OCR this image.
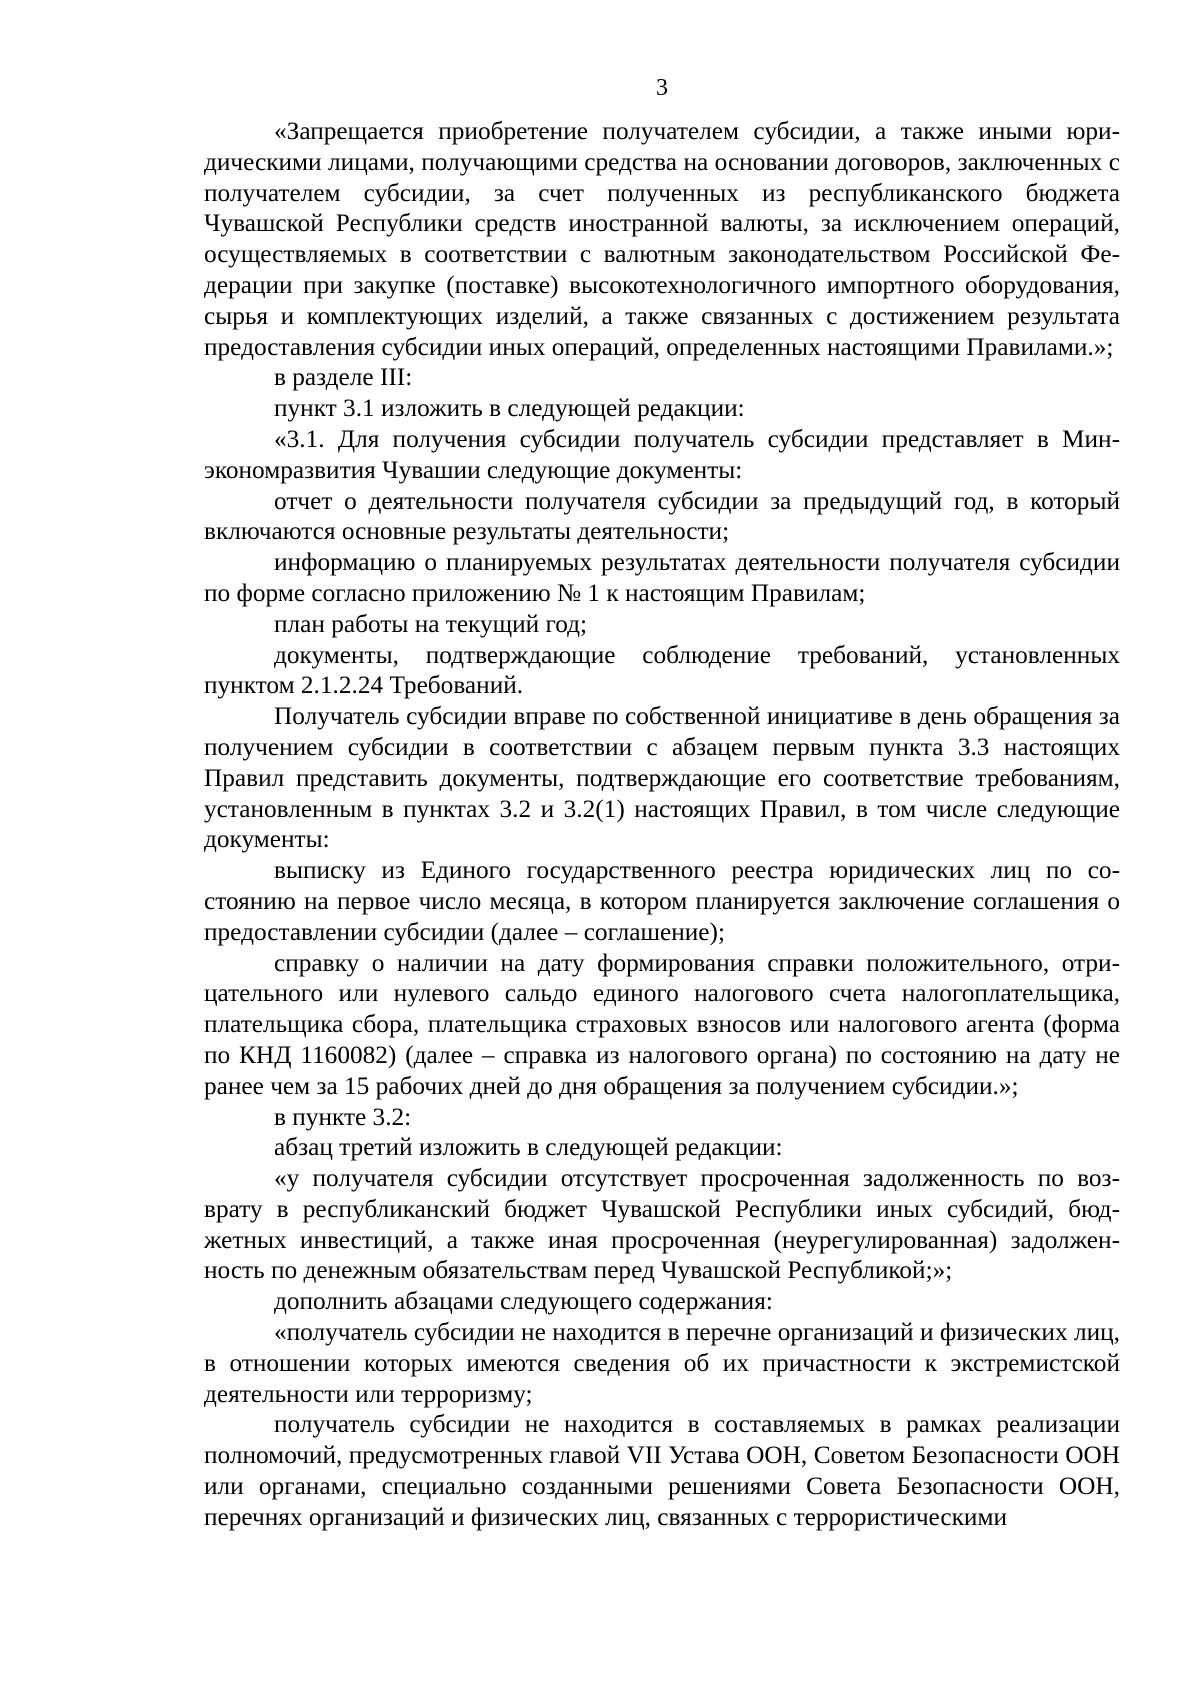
3

«Запрещается приобретение получателем субсидии, а также иными юридическими лицами, получающими средства на основании договоров, заключенных с получателем субсидии, за счет полученных из республиканского бюджета Чувашской Республики средств иностранной валюты, за исключением операций, осуществляемых в соответствии с валютным законодательством Российской Федерации при закупке (поставке) высокотехнологичного импортного оборудования, сырья и комплектующих изделий, а также связанных с достижением результата предоставления субсидии иных операций, определенных настоящими Правилами.»;

в разделе III:

пункт 3.1 изложить в следующей редакции:

«3.1. Для получения субсидии получатель субсидии представляет в Минэкономразвития Чувашии следующие документы:

отчет о деятельности получателя субсидии за предыдущий год, в который включаются основные результаты деятельности;

информацию о планируемых результатах деятельности получателя субсидии по форме согласно приложению № 1 к настоящим Правилам;

план работы на текущий год;

документы, подтверждающие соблюдение требований, установленных пунктом 2.1.2.24 Требований.

Получатель субсидии вправе по собственной инициативе в день обращения за получением субсидии в соответствии с абзацем первым пункта 3.3 настоящих Правил представить документы, подтверждающие его соответствие требованиям, установленным в пунктах 3.2 и 3.2(1) настоящих Правил, в том числе следующие документы:

выписку из Единого государственного реестра юридических лиц по состоянию на первое число месяца, в котором планируется заключение соглашения о предоставлении субсидии (далее – соглашение);

справку о наличии на дату формирования справки положительного, отрицательного или нулевого сальдо единого налогового счета налогоплательщика, плательщика сбора, плательщика страховых взносов или налогового агента (форма по КНД 1160082) (далее – справка из налогового органа) по состоянию на дату не ранее чем за 15 рабочих дней до дня обращения за получением субсидии.»;

в пункте 3.2:

абзац третий изложить в следующей редакции:

«у получателя субсидии отсутствует просроченная задолженность по возврату в республиканский бюджет Чувашской Республики иных субсидий, бюджетных инвестиций, а также иная просроченная (неурегулированная) задолженность по денежным обязательствам перед Чувашской Республикой;»;

дополнить абзацами следующего содержания:

«получатель субсидии не находится в перечне организаций и физических лиц, в отношении которых имеются сведения об их причастности к экстремистской деятельности или терроризму;

получатель субсидии не находится в составляемых в рамках реализации полномочий, предусмотренных главой VII Устава ООН, Советом Безопасности ООН или органами, специально созданными решениями Совета Безопасности ООН, перечнях организаций и физических лиц, связанных с террористическими
